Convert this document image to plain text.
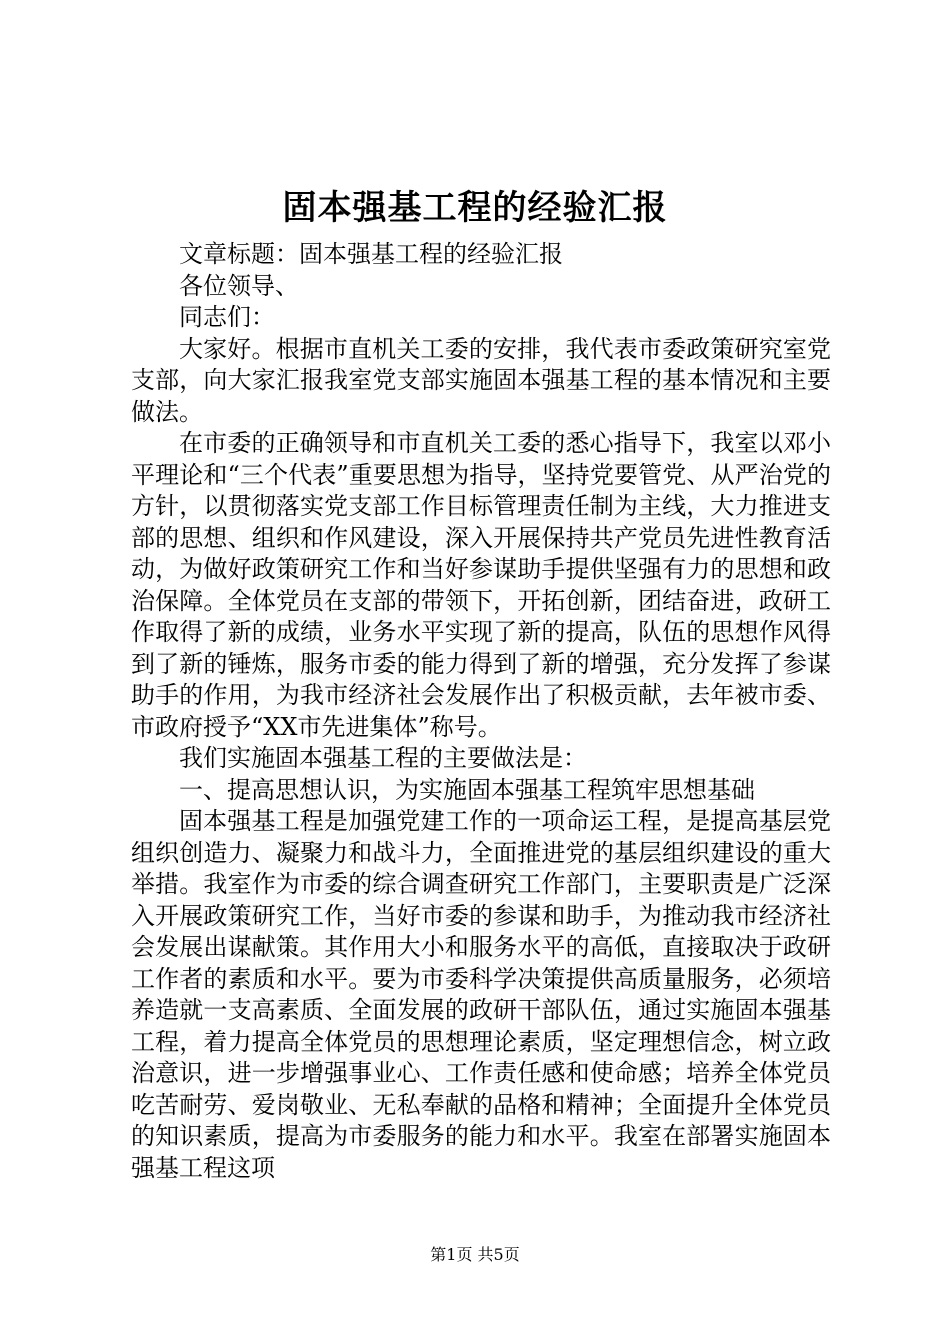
固本强基工程的经验汇报

文章标题：固本强基工程的经验汇报

各位领导、

同志们：

大家好。根据市直机关工委的安排，我代表市委政策研究室党支部，向大家汇报我室党支部实施固本强基工程的基本情况和主要做法。

在市委的正确领导和市直机关工委的悉心指导下，我室以邓小平理论和“三个代表”重要思想为指导，坚持党要管党、从严治党的方针，以贯彻落实党支部工作目标管理责任制为主线，大力推进支部的思想、组织和作风建设，深入开展保持共产党员先进性教育活动，为做好政策研究工作和当好参谋助手提供坚强有力的思想和政治保障。全体党员在支部的带领下，开拓创新，团结奋进，政研工作取得了新的成绩，业务水平实现了新的提高，队伍的思想作风得到了新的锤炼，服务市委的能力得到了新的增强，充分发挥了参谋助手的作用，为我市经济社会发展作出了积极贡献，去年被市委、市政府授予“XX市先进集体”称号。

我们实施固本强基工程的主要做法是：

一、提高思想认识，为实施固本强基工程筑牢思想基础

固本强基工程是加强党建工作的一项命运工程，是提高基层党组织创造力、凝聚力和战斗力，全面推进党的基层组织建设的重大举措。我室作为市委的综合调查研究工作部门，主要职责是广泛深入开展政策研究工作，当好市委的参谋和助手，为推动我市经济社会发展出谋献策。其作用大小和服务水平的高低，直接取决于政研工作者的素质和水平。要为市委科学决策提供高质量服务，必须培养造就一支高素质、全面发展的政研干部队伍，通过实施固本强基工程，着力提高全体党员的思想理论素质，坚定理想信念，树立政治意识，进一步增强事业心、工作责任感和使命感；培养全体党员吃苦耐劳、爱岗敬业、无私奉献的品格和精神；全面提升全体党员的知识素质，提高为市委服务的能力和水平。我室在部署实施固本强基工程这项

第1页 共5页
